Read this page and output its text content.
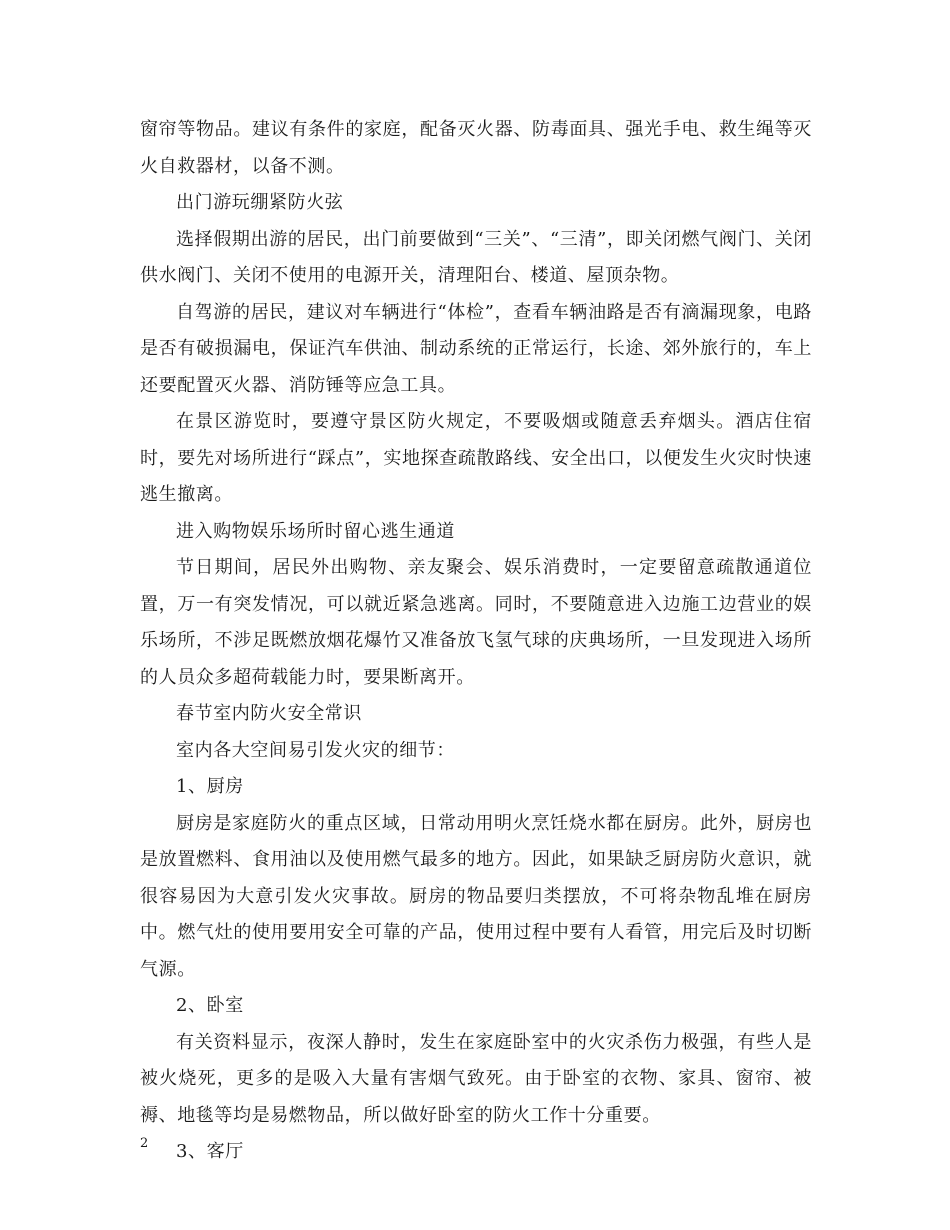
窗帘等物品。建议有条件的家庭，配备灭火器、防毒面具、强光手电、救生绳等灭火自救器材，以备不测。

出门游玩绷紧防火弦

选择假期出游的居民，出门前要做到“三关”、“三清”，即关闭燃气阀门、关闭供水阀门、关闭不使用的电源开关，清理阳台、楼道、屋顶杂物。

自驾游的居民，建议对车辆进行“体检”，查看车辆油路是否有滴漏现象，电路是否有破损漏电，保证汽车供油、制动系统的正常运行，长途、郊外旅行的，车上还要配置灭火器、消防锤等应急工具。

在景区游览时，要遵守景区防火规定，不要吸烟或随意丢弃烟头。酒店住宿时，要先对场所进行“踩点”，实地探查疏散路线、安全出口，以便发生火灾时快速逃生撤离。

进入购物娱乐场所时留心逃生通道

节日期间，居民外出购物、亲友聚会、娱乐消费时，一定要留意疏散通道位置，万一有突发情况，可以就近紧急逃离。同时，不要随意进入边施工边营业的娱乐场所，不涉足既燃放烟花爆竹又准备放飞氢气球的庆典场所，一旦发现进入场所的人员众多超荷载能力时，要果断离开。

春节室内防火安全常识

室内各大空间易引发火灾的细节：

1、厨房

厨房是家庭防火的重点区域，日常动用明火烹饪烧水都在厨房。此外，厨房也是放置燃料、食用油以及使用燃气最多的地方。因此，如果缺乏厨房防火意识，就很容易因为大意引发火灾事故。厨房的物品要归类摆放，不可将杂物乱堆在厨房中。燃气灶的使用要用安全可靠的产品，使用过程中要有人看管，用完后及时切断气源。

2、卧室

有关资料显示，夜深人静时，发生在家庭卧室中的火灾杀伤力极强，有些人是被火烧死，更多的是吸入大量有害烟气致死。由于卧室的衣物、家具、窗帘、被褥、地毯等均是易燃物品，所以做好卧室的防火工作十分重要。

3、客厅

2
